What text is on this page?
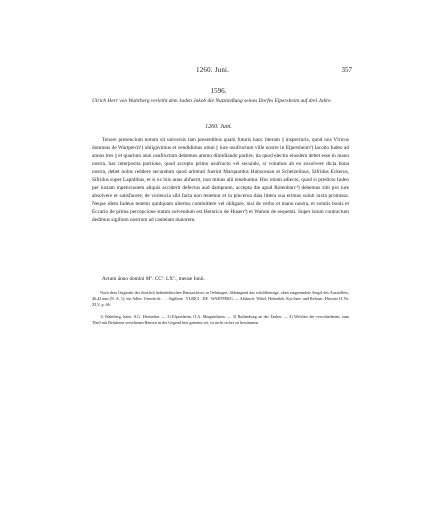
1260. Juni.	357
1596.
Ulrich Herr von Wahrberg verleiht dem Juden Jakob die Nutznießung seines Dorfes Elpersheim auf drei Jahre.
1260. Juni.

Tenore presencium notum sit universis tam presentibus quam futuris hanc literam || inspecturis, quod nos Vlricus dominus de Wartperch¹) obligavimus et vendidimus omni || iure usufructum ville nostre in Elpersheim²) Iacobo Iudeo ad annos tres || et quartum anni usufructum debemus ammo dimidiando partire, ita quod electio eiusdem debet esse in manu nostra, hac interposita pactione, quod accepto primo usufructu vel secundo, si volumus ab eo exsolvere dicta bona nostra, debet nobis reddere secundum quod arbitrati fuerint Marquardus Hubscenan et Schetzelinus, Sifridus Eckerus, Sifridus super Lapidibus, et si ex hiis unus abfuerit, non minus alii tenebuntur. Hoc etiam adiecto, quod si predicto Iudeo per iustam inpeticionem aliquis acciderit defectus aud dampnum, accepta die apud Rotenburc³) debemus sibi pro iure absolvere et satisfacere, de violencia sibi facta non tenemur et in pincerna data littera sua erimus soluti iuxta promissa. Neque idem Iudeus tenetur quidquam ulterius committere vel obligare, nisi de verbo et manu nostra, et solutis bonis et Eccario de prima percepcione statim solvendum est Heinrico de Husen⁴) et Watoni de sequenti. Super istum contractum dedimus sigillum nostrum ad cautelam maiorem.

Actum ānno domini Mº. CCº. LXº., mense Iunii.

Nach dem Originale des fürstlich hohenlohischen Hausarchives in Oehringen. Abhängend das schildförmige, oben eingerundete Siegel des Ausstellers, 46,42 mm (N. A. 1): ein Adler; Umschrift: . . . Sigillum . VLRICI . DE . WARTPERG. — Abdruck: Wibel, Hohenloh. Kyrchen- und Reform.-Historie II, Nr. XLV, p. 66.

1) Wahrberg, baier. A.G. Herrieden. — 2) Elpersheim, O.A. Mergentheim. — 3) Rothenburg an der Tauber. — 4) Welches der verschiedenen, zum Theil mit Beisätzen versehenen Hausen in der Gegend hier gemeint sei, ist nicht sicher zu bestimmen.
